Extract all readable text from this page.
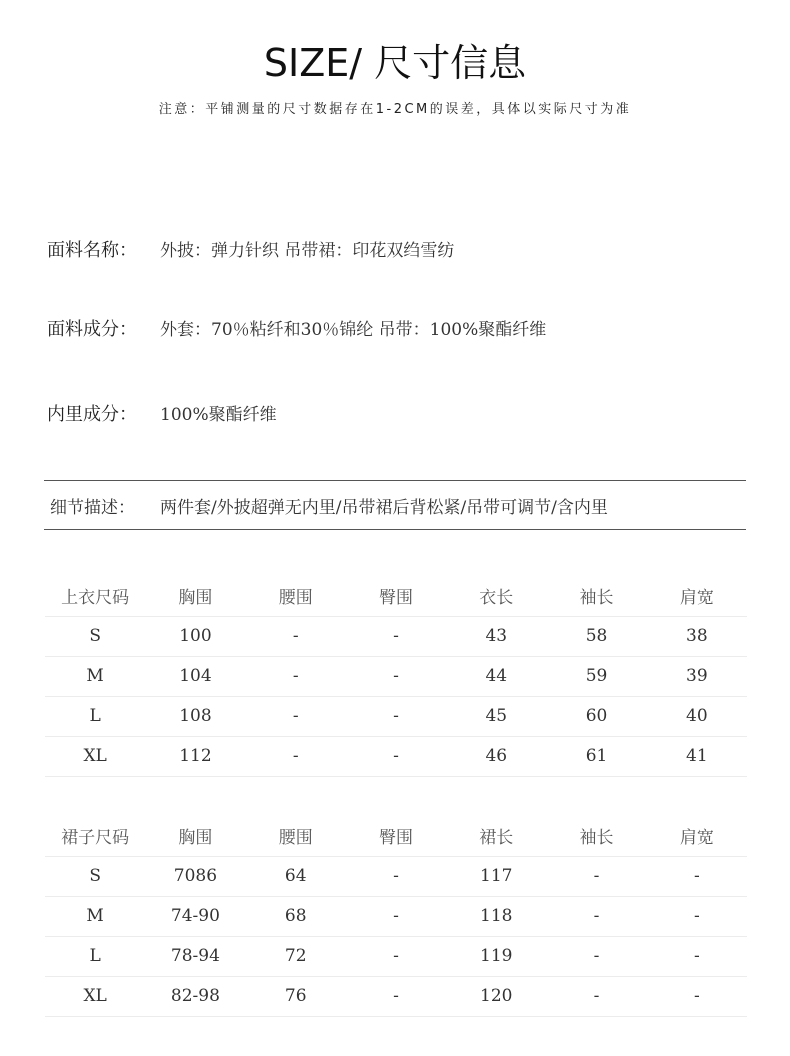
SIZE/ 尺寸信息
注意：平铺测量的尺寸数据存在1-2CM的误差，具体以实际尺寸为准
面料名称：	外披：弹力针织 吊带裙：印花双绉雪纺
面料成分：	外套：70％粘纤和30％锦纶 吊带：100%聚酯纤维
内里成分：	100%聚酯纤维
细节描述：	两件套/外披超弹无内里/吊带裙后背松紧/吊带可调节/含内里
上衣尺码	胸围	腰围	臀围	衣长	袖长	肩宽
S	100	-	-	43	58	38
M	104	-	-	44	59	39
L	108	-	-	45	60	40
XL	112	-	-	46	61	41
裙子尺码	胸围	腰围	臀围	裙长	袖长	肩宽
S	7086	64	-	117	-	-
M	74-90	68	-	118	-	-
L	78-94	72	-	119	-	-
XL	82-98	76	-	120	-	-
